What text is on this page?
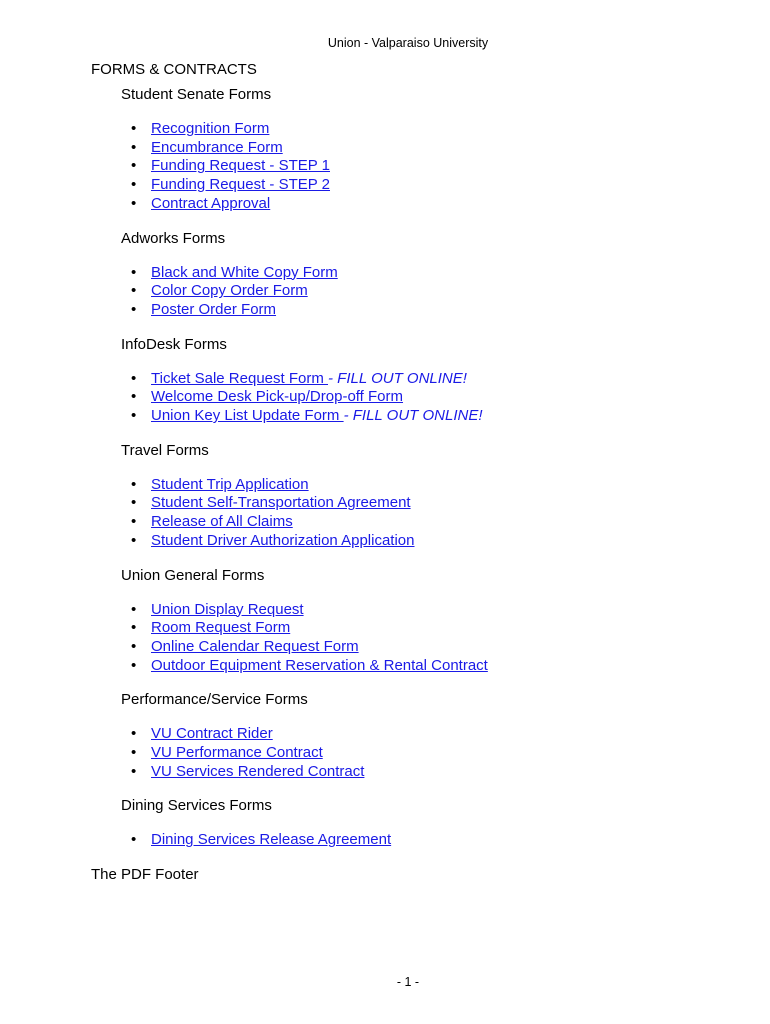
Union - Valparaiso University

FORMS & CONTRACTS

Student Senate Forms

• Recognition Form
• Encumbrance Form
• Funding Request - STEP 1
• Funding Request - STEP 2
• Contract Approval

Adworks Forms

• Black and White Copy Form
• Color Copy Order Form
• Poster Order Form

InfoDesk Forms

• Ticket Sale Request Form - FILL OUT ONLINE!
• Welcome Desk Pick-up/Drop-off Form
• Union Key List Update Form - FILL OUT ONLINE!

Travel Forms

• Student Trip Application
• Student Self-Transportation Agreement
• Release of All Claims
• Student Driver Authorization Application

Union General Forms

• Union Display Request
• Room Request Form
• Online Calendar Request Form
• Outdoor Equipment Reservation & Rental Contract

Performance/Service Forms

• VU Contract Rider
• VU Performance Contract
• VU Services Rendered Contract

Dining Services Forms

• Dining Services Release Agreement

The PDF Footer

- 1 -
